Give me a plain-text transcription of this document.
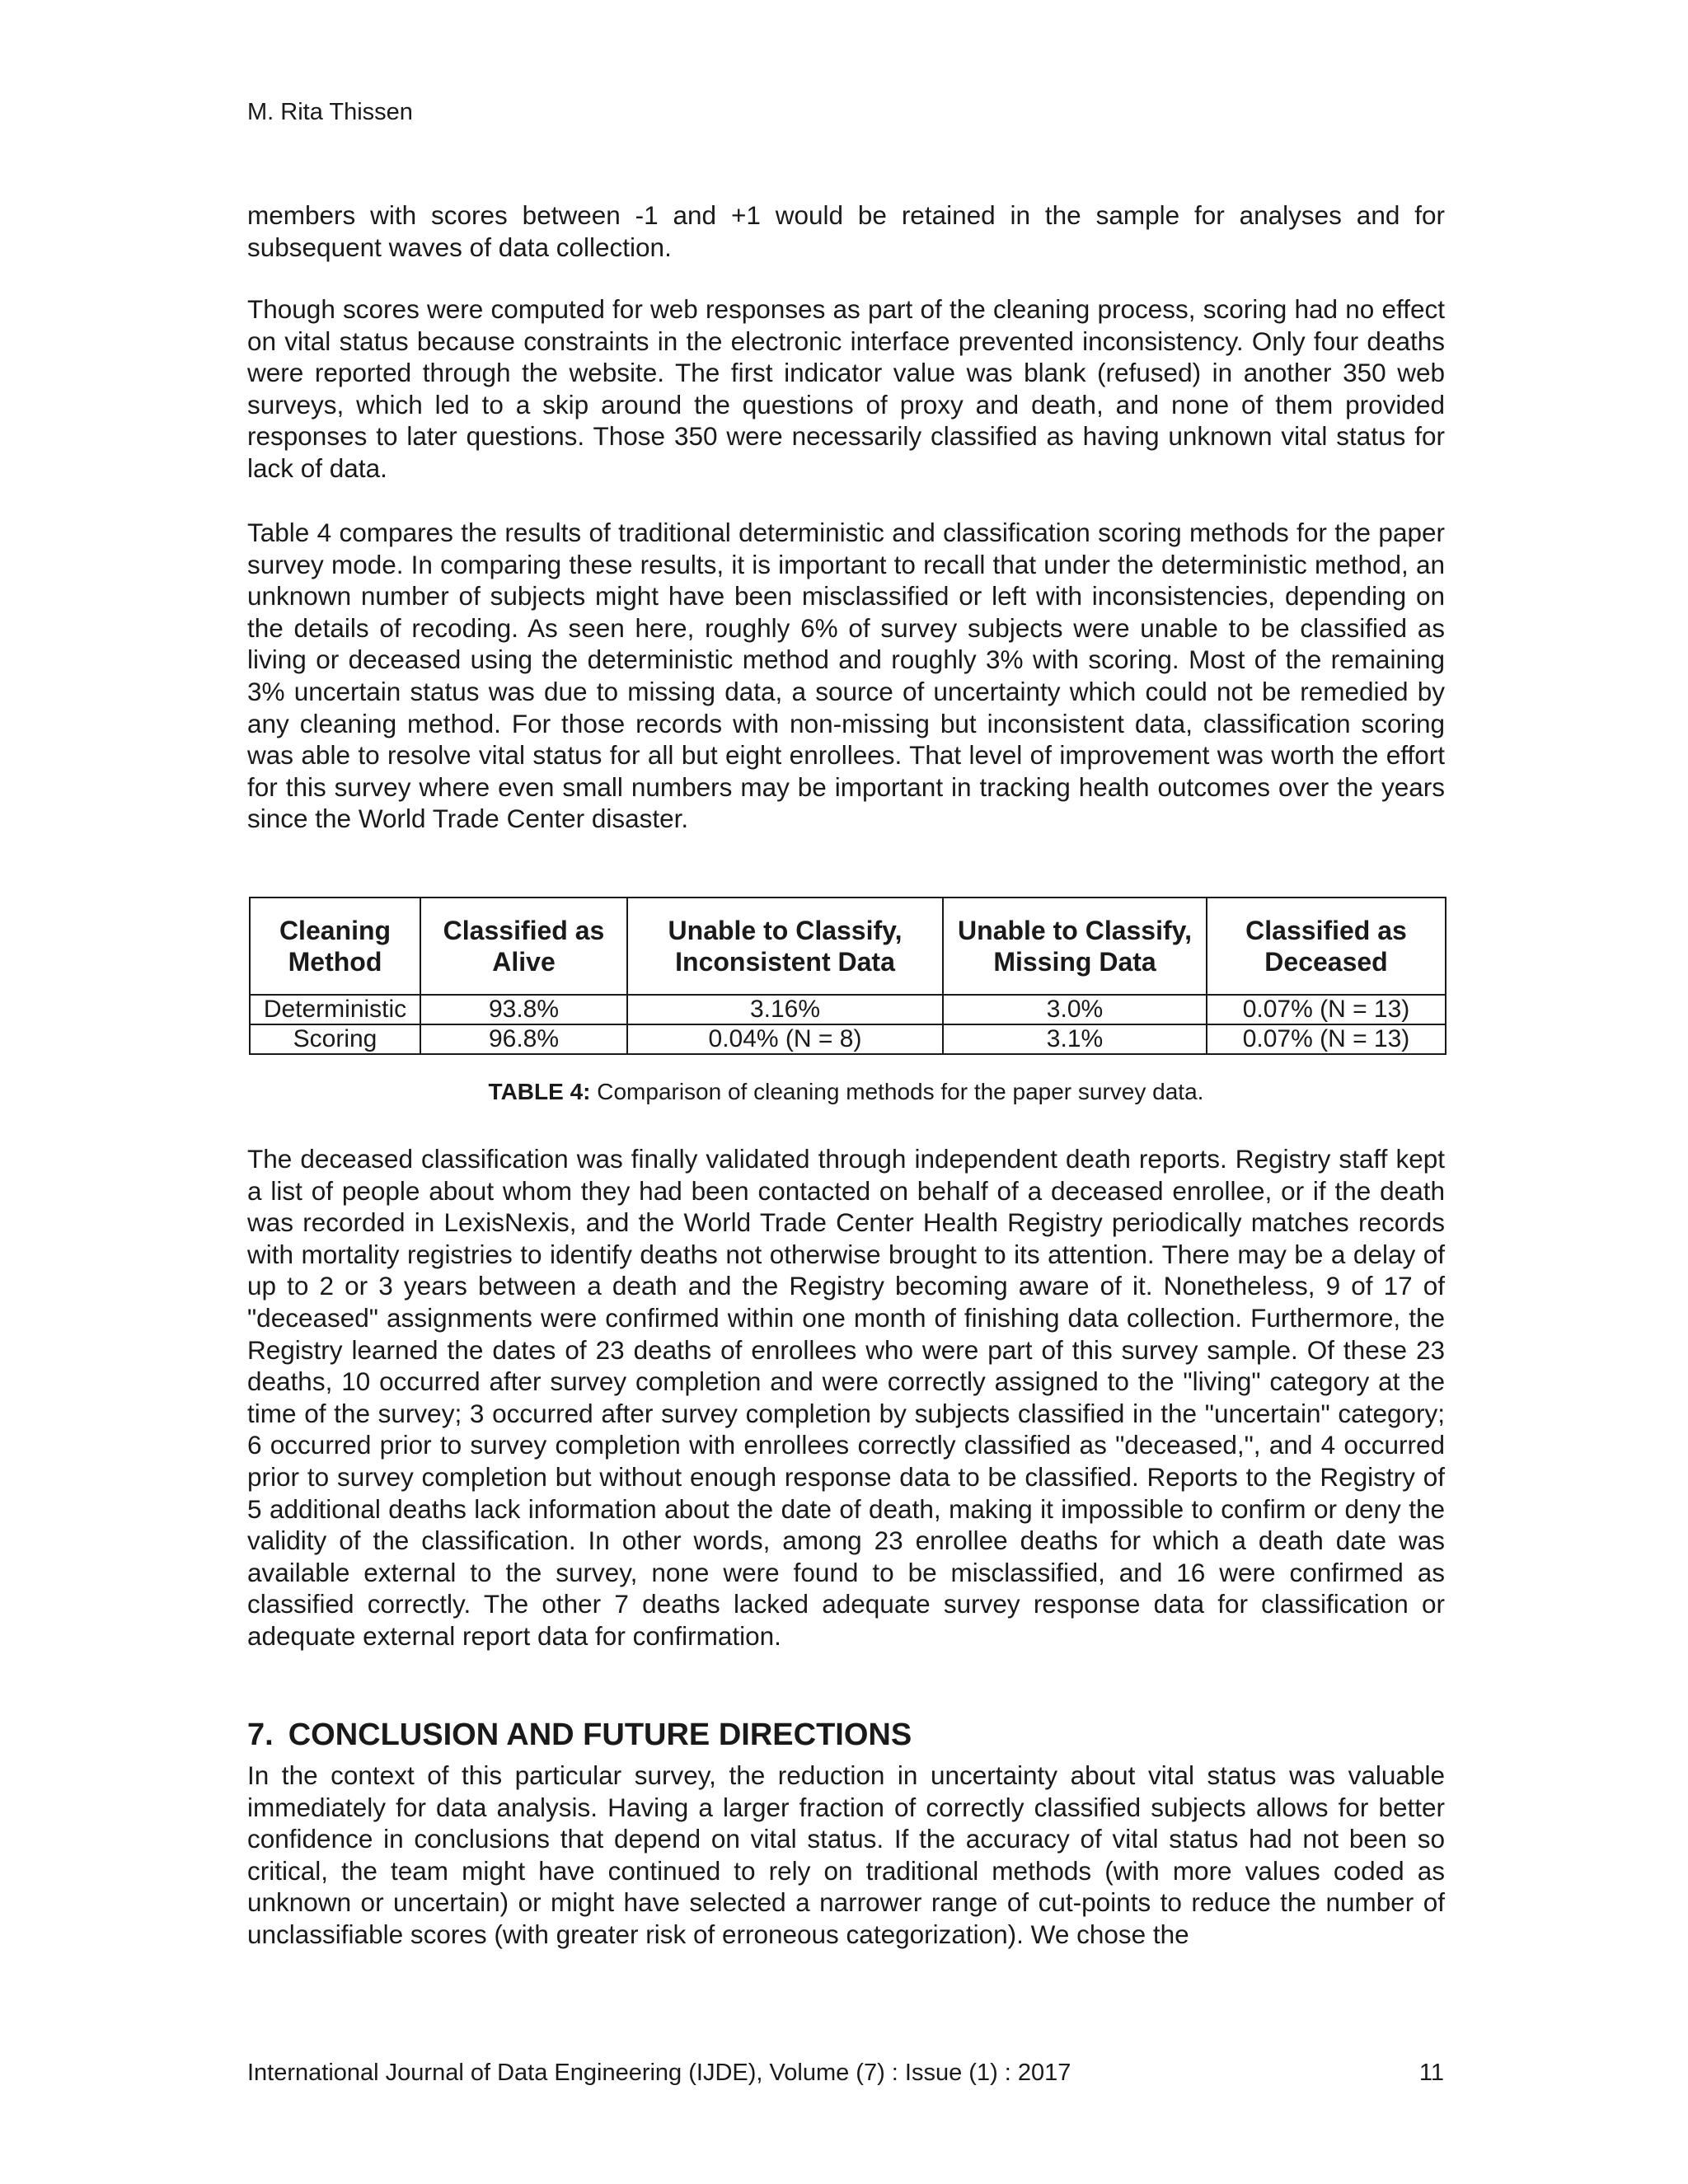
M. Rita Thissen

members with scores between -1 and +1 would be retained in the sample for analyses and for subsequent waves of data collection.

Though scores were computed for web responses as part of the cleaning process, scoring had no effect on vital status because constraints in the electronic interface prevented inconsistency. Only four deaths were reported through the website. The first indicator value was blank (refused) in another 350 web surveys, which led to a skip around the questions of proxy and death, and none of them provided responses to later questions. Those 350 were necessarily classified as having unknown vital status for lack of data.

Table 4 compares the results of traditional deterministic and classification scoring methods for the paper survey mode. In comparing these results, it is important to recall that under the deterministic method, an unknown number of subjects might have been misclassified or left with inconsistencies, depending on the details of recoding. As seen here, roughly 6% of survey subjects were unable to be classified as living or deceased using the deterministic method and roughly 3% with scoring. Most of the remaining 3% uncertain status was due to missing data, a source of uncertainty which could not be remedied by any cleaning method. For those records with non-missing but inconsistent data, classification scoring was able to resolve vital status for all but eight enrollees. That level of improvement was worth the effort for this survey where even small numbers may be important in tracking health outcomes over the years since the World Trade Center disaster.

Cleaning Method	Classified as Alive	Unable to Classify, Inconsistent Data	Unable to Classify, Missing Data	Classified as Deceased
Deterministic	93.8%	3.16%	3.0%	0.07% (N = 13)
Scoring	96.8%	0.04% (N = 8)	3.1%	0.07% (N = 13)
TABLE 4: Comparison of cleaning methods for the paper survey data.

The deceased classification was finally validated through independent death reports. Registry staff kept a list of people about whom they had been contacted on behalf of a deceased enrollee, or if the death was recorded in LexisNexis, and the World Trade Center Health Registry periodically matches records with mortality registries to identify deaths not otherwise brought to its attention. There may be a delay of up to 2 or 3 years between a death and the Registry becoming aware of it. Nonetheless, 9 of 17 of "deceased" assignments were confirmed within one month of finishing data collection. Furthermore, the Registry learned the dates of 23 deaths of enrollees who were part of this survey sample. Of these 23 deaths, 10 occurred after survey completion and were correctly assigned to the "living" category at the time of the survey; 3 occurred after survey completion by subjects classified in the "uncertain" category; 6 occurred prior to survey completion with enrollees correctly classified as "deceased,", and 4 occurred prior to survey completion but without enough response data to be classified. Reports to the Registry of 5 additional deaths lack information about the date of death, making it impossible to confirm or deny the validity of the classification. In other words, among 23 enrollee deaths for which a death date was available external to the survey, none were found to be misclassified, and 16 were confirmed as classified correctly. The other 7 deaths lacked adequate survey response data for classification or adequate external report data for confirmation.

7. CONCLUSION AND FUTURE DIRECTIONS

In the context of this particular survey, the reduction in uncertainty about vital status was valuable immediately for data analysis. Having a larger fraction of correctly classified subjects allows for better confidence in conclusions that depend on vital status. If the accuracy of vital status had not been so critical, the team might have continued to rely on traditional methods (with more values coded as unknown or uncertain) or might have selected a narrower range of cut-points to reduce the number of unclassifiable scores (with greater risk of erroneous categorization). We chose the

International Journal of Data Engineering (IJDE), Volume (7) : Issue (1) : 2017	11
